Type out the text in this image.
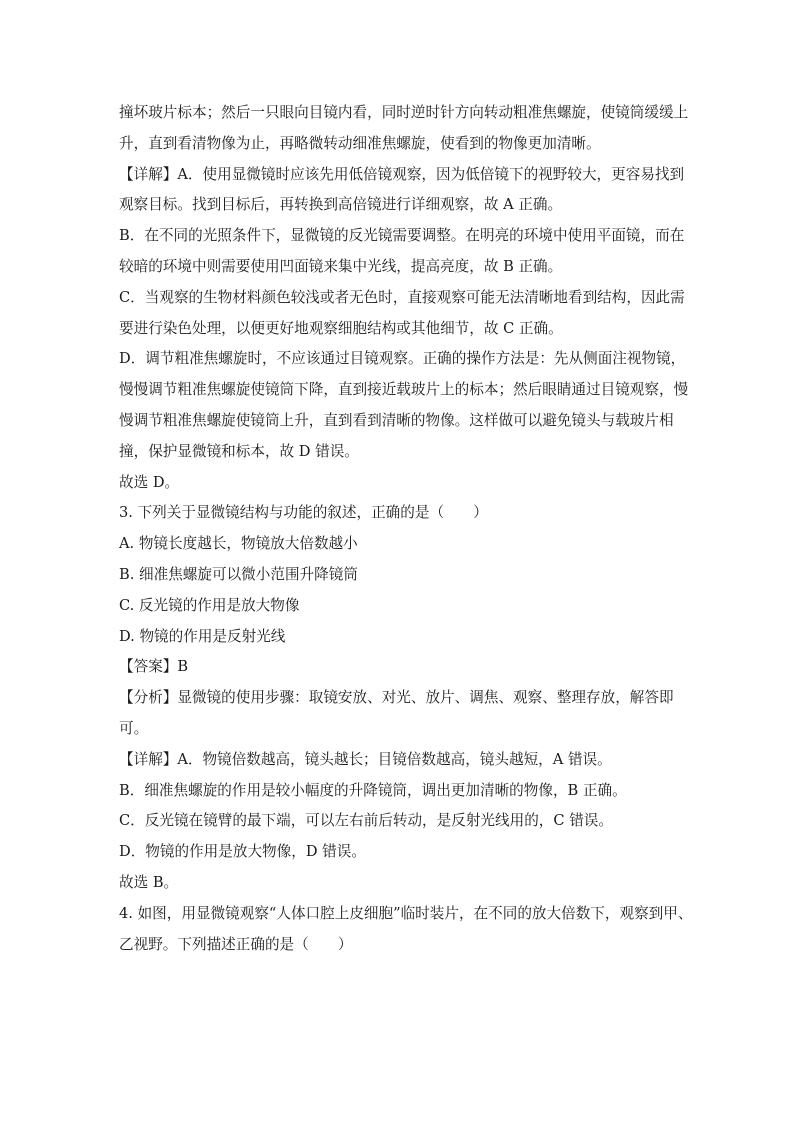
撞坏玻片标本；然后一只眼向目镜内看，同时逆时针方向转动粗准焦螺旋，使镜筒缓缓上

升，直到看清物像为止，再略微转动细准焦螺旋，使看到的物像更加清晰。

【详解】A．使用显微镜时应该先用低倍镜观察，因为低倍镜下的视野较大，更容易找到

观察目标。找到目标后，再转换到高倍镜进行详细观察，故 A 正确。

B．在不同的光照条件下，显微镜的反光镜需要调整。在明亮的环境中使用平面镜，而在

较暗的环境中则需要使用凹面镜来集中光线，提高亮度，故 B 正确。

C．当观察的生物材料颜色较浅或者无色时，直接观察可能无法清晰地看到结构，因此需

要进行染色处理，以便更好地观察细胞结构或其他细节，故 C 正确。

D．调节粗准焦螺旋时，不应该通过目镜观察。正确的操作方法是：先从侧面注视物镜，

慢慢调节粗准焦螺旋使镜筒下降，直到接近载玻片上的标本；然后眼睛通过目镜观察，慢

慢调节粗准焦螺旋使镜筒上升，直到看到清晰的物像。这样做可以避免镜头与载玻片相

撞，保护显微镜和标本，故 D 错误。

故选 D。

3. 下列关于显微镜结构与功能的叙述，正确的是（　　）

A. 物镜长度越长，物镜放大倍数越小

B. 细准焦螺旋可以微小范围升降镜筒

C. 反光镜的作用是放大物像

D. 物镜的作用是反射光线

【答案】B

【分析】显微镜的使用步骤：取镜安放、对光、放片、调焦、观察、整理存放，解答即

可。

【详解】A．物镜倍数越高，镜头越长；目镜倍数越高，镜头越短，A 错误。

B．细准焦螺旋的作用是较小幅度的升降镜筒，调出更加清晰的物像，B 正确。

C．反光镜在镜臂的最下端，可以左右前后转动，是反射光线用的，C 错误。

D．物镜的作用是放大物像，D 错误。

故选 B。

4. 如图，用显微镜观察“人体口腔上皮细胞”临时装片，在不同的放大倍数下，观察到甲、

乙视野。下列描述正确的是（　　）
